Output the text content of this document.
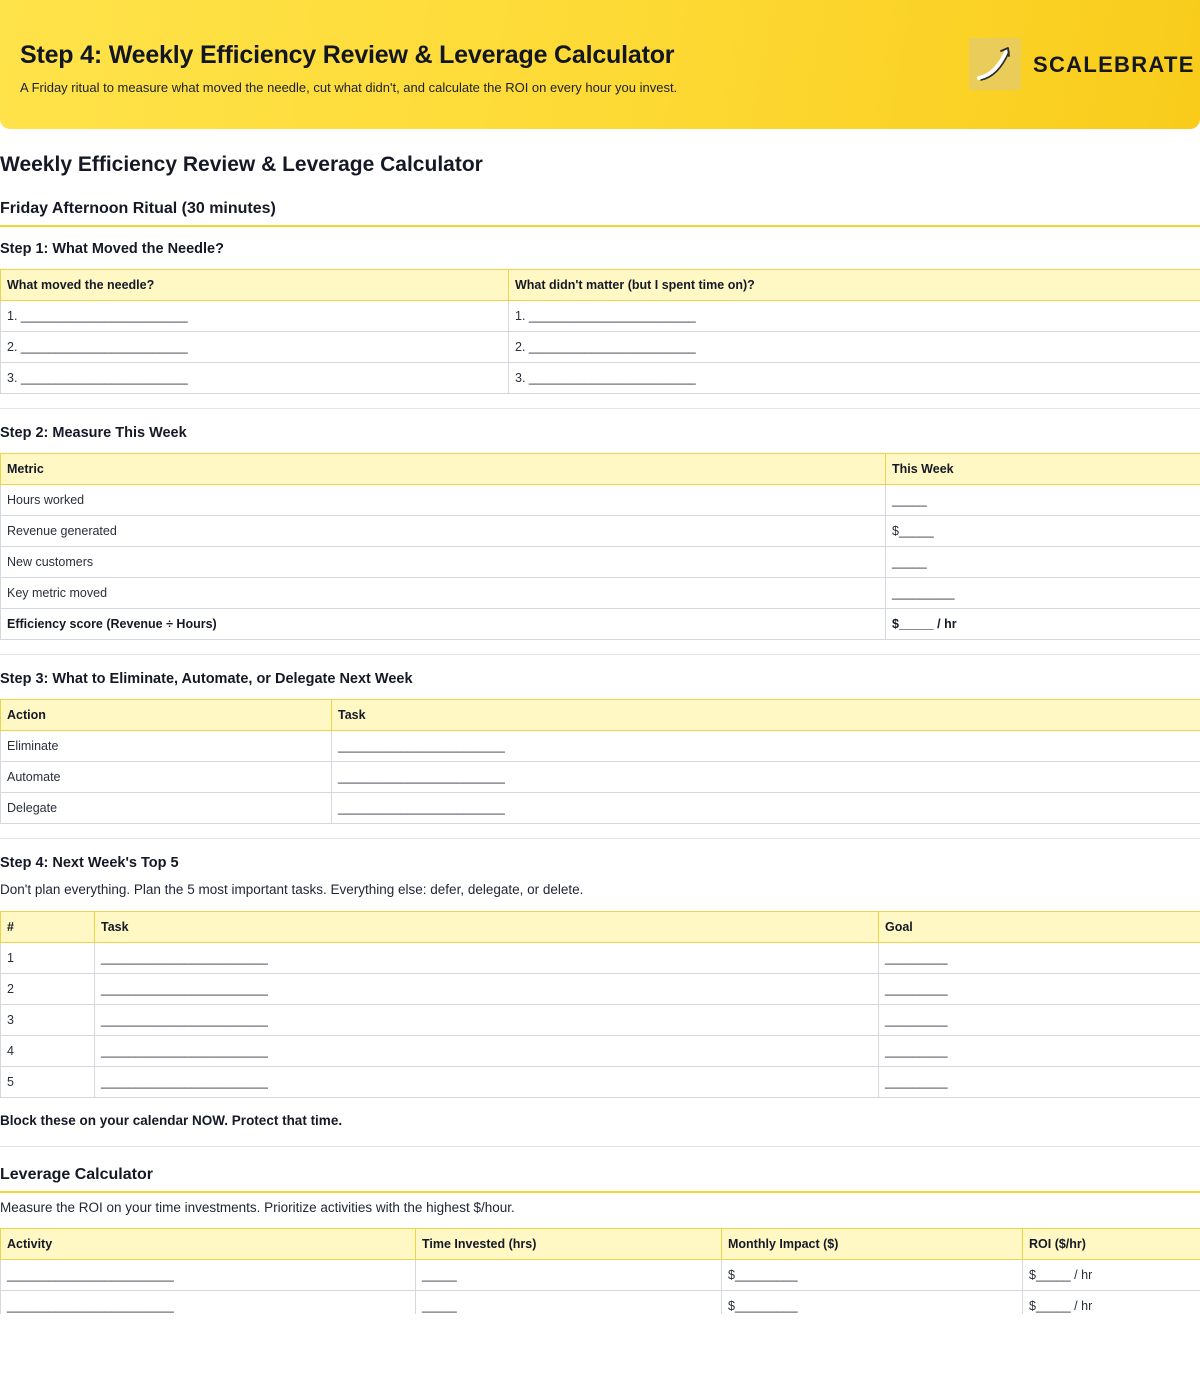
Step 4: Weekly Efficiency Review & Leverage Calculator
A Friday ritual to measure what moved the needle, cut what didn't, and calculate the ROI on every hour you invest.
SCALEBRATE
Weekly Efficiency Review & Leverage Calculator
Friday Afternoon Ritual (30 minutes)
Step 1: What Moved the Needle?
What moved the needle?	What didn't matter (but I spent time on)?
1. ________________________	1. ________________________
2. ________________________	2. ________________________
3. ________________________	3. ________________________
Step 2: Measure This Week
Metric	This Week
Hours worked	_____
Revenue generated	$_____
New customers	_____
Key metric moved	_________
Efficiency score (Revenue ÷ Hours)	$_____ / hr
Step 3: What to Eliminate, Automate, or Delegate Next Week
Action	Task
Eliminate	________________________
Automate	________________________
Delegate	________________________
Step 4: Next Week's Top 5
Don't plan everything. Plan the 5 most important tasks. Everything else: defer, delegate, or delete.
#	Task	Goal
1	________________________	_________
2	________________________	_________
3	________________________	_________
4	________________________	_________
5	________________________	_________
Block these on your calendar NOW. Protect that time.
Leverage Calculator
Measure the ROI on your time investments. Prioritize activities with the highest $/hour.
Activity	Time Invested (hrs)	Monthly Impact ($)	ROI ($/hr)
________________________	_____	$_________	$_____ / hr
________________________	_____	$_________	$_____ / hr
